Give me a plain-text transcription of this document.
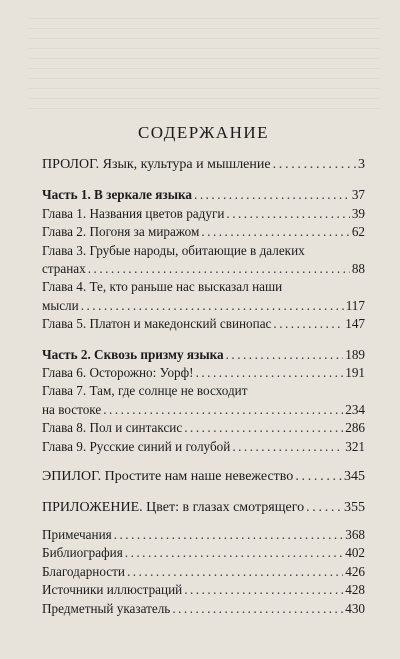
СОДЕРЖАНИЕ
ПРОЛОГ. Язык, культура и мышление . . .	3
Часть 1. В зеркале языка . . .	37
Глава 1. Названия цветов радуги . . .	39
Глава 2. Погоня за миражом . . .	62
Глава 3. Грубые народы, обитающие в далеких
странах . . .	88
Глава 4. Те, кто раньше нас высказал наши
мысли . . .	117
Глава 5. Платон и македонский свинопас . . .	147
Часть 2. Сквозь призму языка . . .	189
Глава 6. Осторожно: Уорф! . . .	191
Глава 7. Там, где солнце не восходит
на востоке . . .	234
Глава 8. Пол и синтаксис . . .	286
Глава 9. Русские синий и голубой . . .	321
ЭПИЛОГ. Простите нам наше невежество . . .	345
ПРИЛОЖЕНИЕ. Цвет: в глазах смотрящего . . .	355
Примечания . . .	368
Библиография . . .	402
Благодарности . . .	426
Источники иллюстраций . . .	428
Предметный указатель . . .	430
